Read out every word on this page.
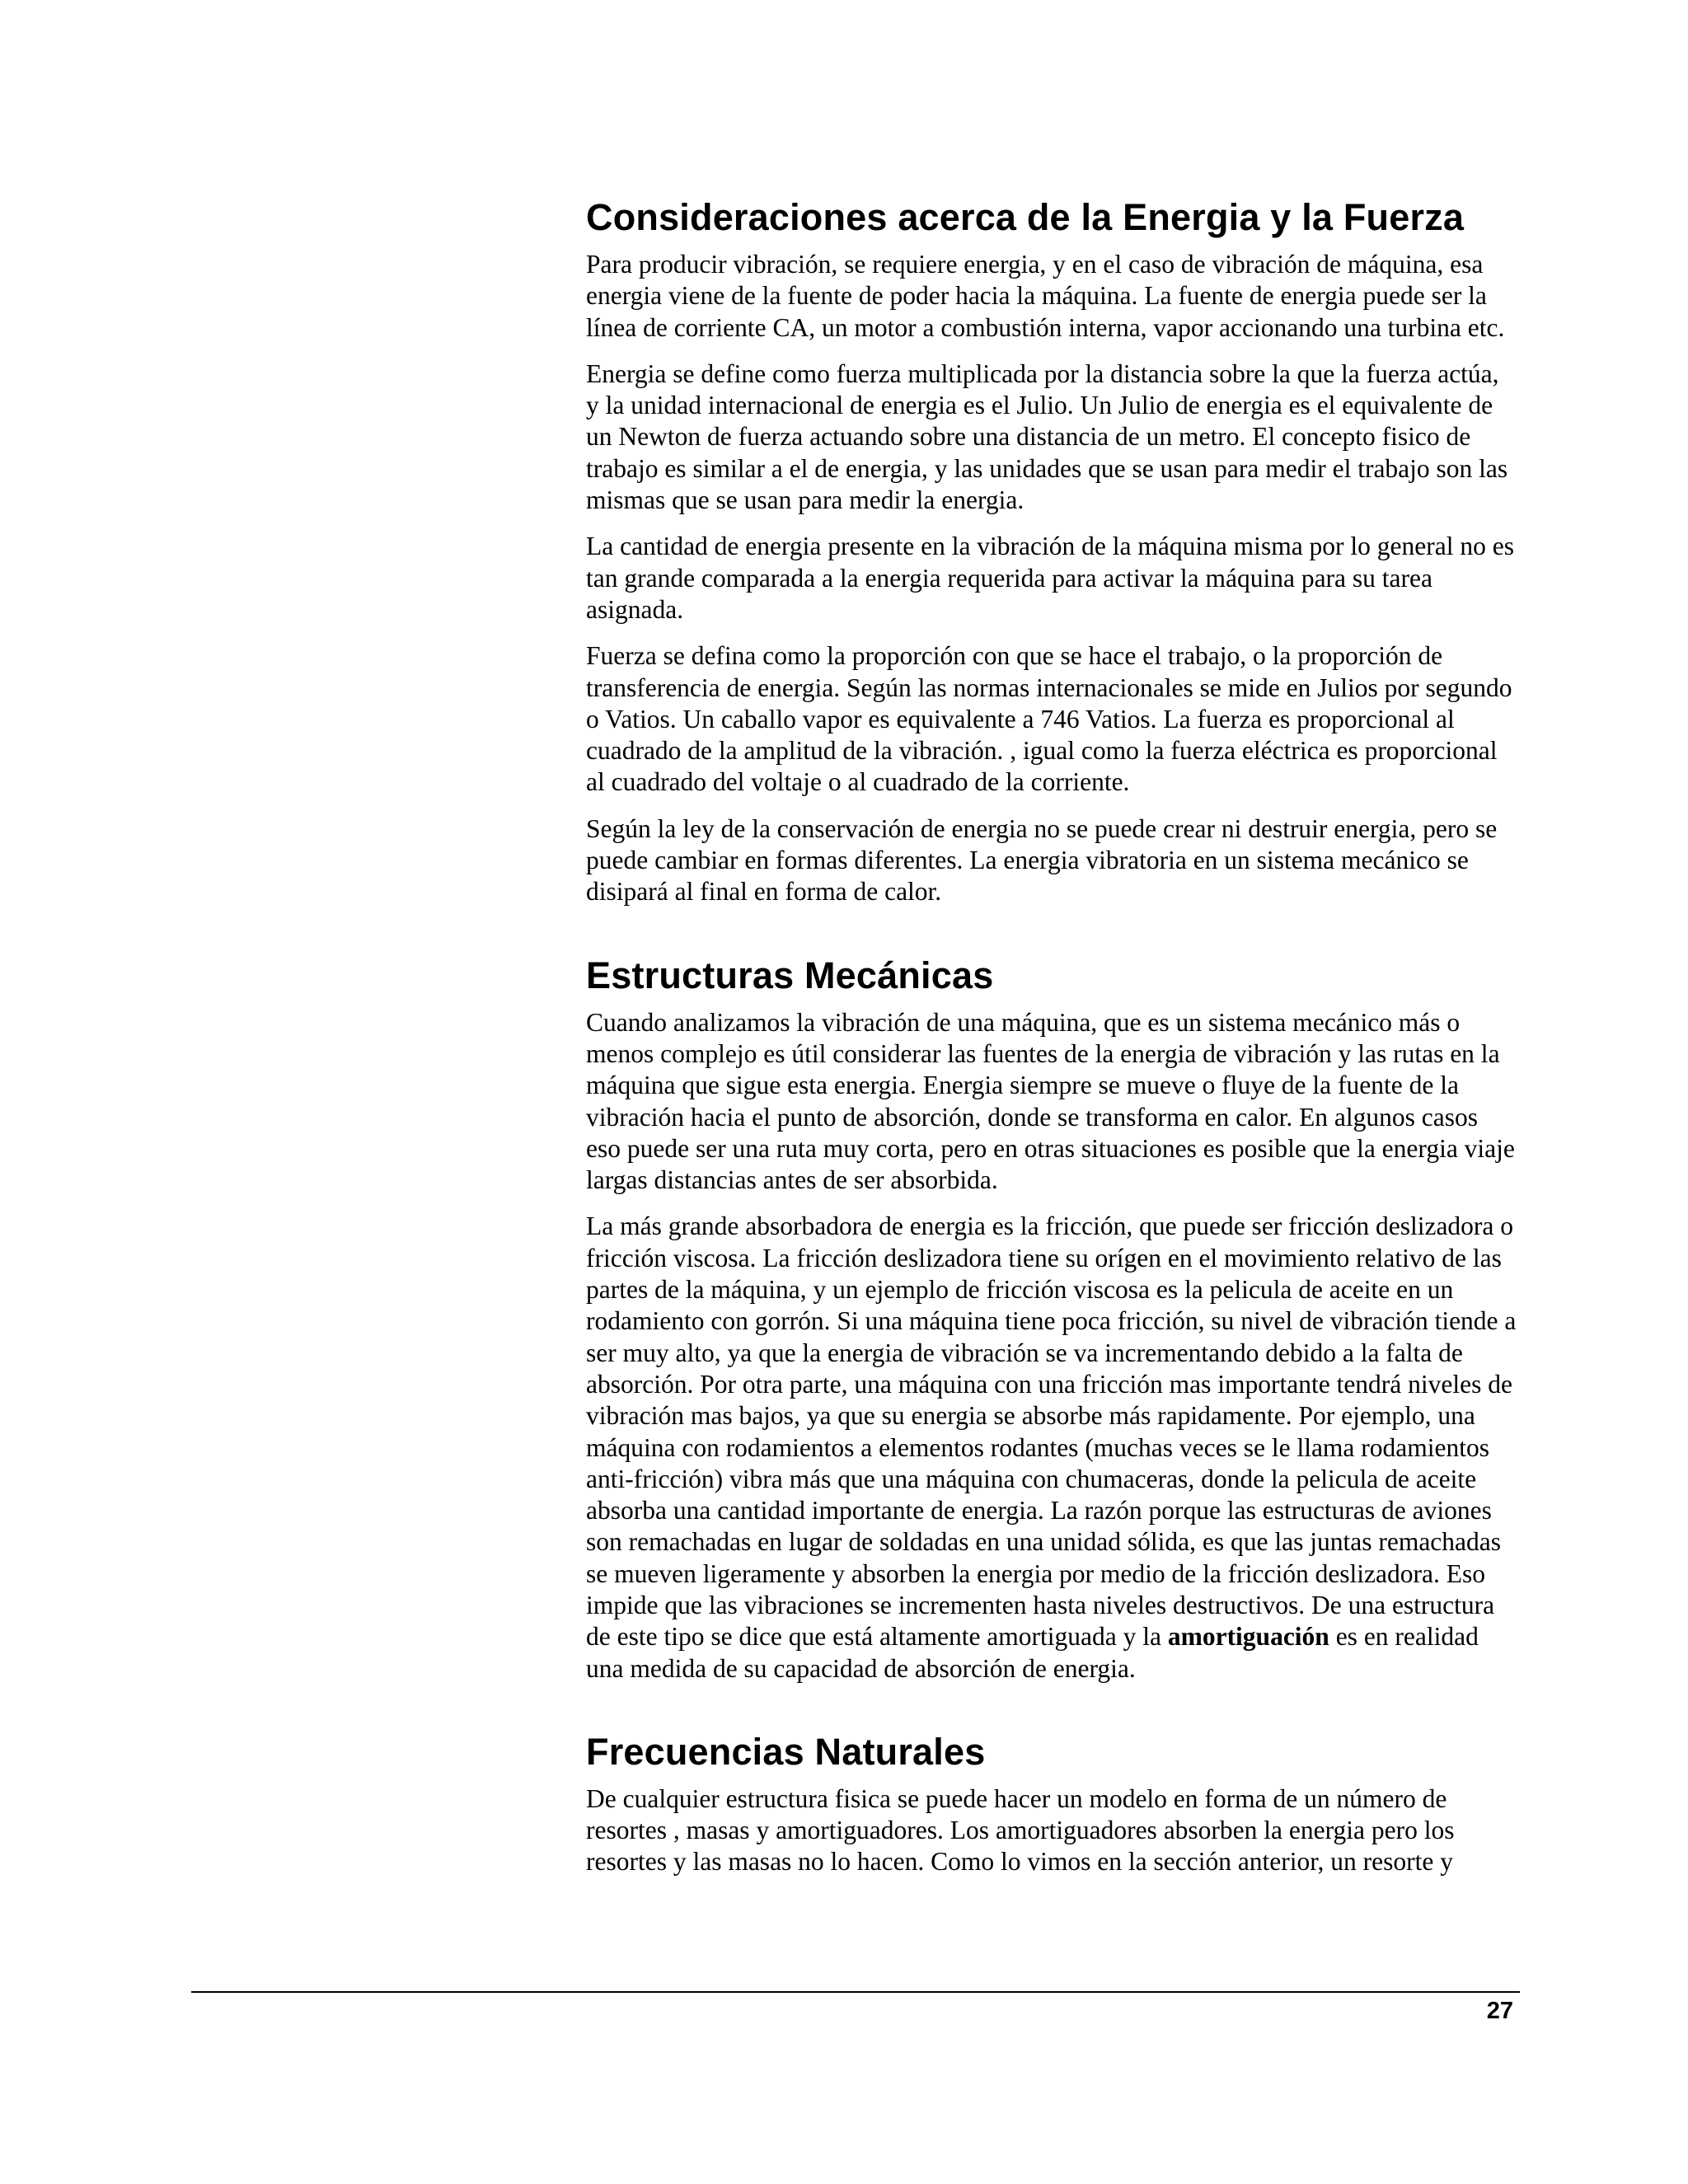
Consideraciones acerca de la Energia y la Fuerza

Para producir vibración, se requiere energia, y en el caso de vibración de máquina, esa energia viene de la fuente de poder hacia la máquina. La fuente de energia puede ser la línea de corriente CA, un motor a combustión interna, vapor accionando una turbina etc.

Energia se define como fuerza multiplicada por la distancia sobre la que la fuerza actúa, y la unidad internacional de energia es el Julio. Un Julio de energia es el equivalente de un Newton de fuerza actuando sobre una distancia de un metro. El concepto fisico de trabajo es similar a el de energia, y las unidades que se usan para medir el trabajo son las mismas que se usan para medir la energia.

La cantidad de energia presente en la vibración de la máquina misma por lo general no es tan grande comparada a la energia requerida para activar la máquina para su tarea asignada.

Fuerza se defina como la proporción con que se hace el trabajo, o la proporción de transferencia de energia. Según las normas internacionales se mide en Julios por segundo o Vatios. Un caballo vapor es equivalente a 746 Vatios. La fuerza es proporcional al cuadrado de la amplitud de la vibración. , igual como la fuerza eléctrica es proporcional al cuadrado del voltaje o al cuadrado de la corriente.

Según la ley de la conservación de energia no se puede crear ni destruir energia, pero se puede cambiar en formas diferentes. La energia vibratoria en un sistema mecánico se disipará al final en forma de calor.

Estructuras Mecánicas

Cuando analizamos la vibración de una máquina, que es un sistema mecánico más o menos complejo es útil considerar las fuentes de la energia de vibración y las rutas en la máquina que sigue esta energia. Energia siempre se mueve o fluye de la fuente de la vibración hacia el punto de absorción, donde se transforma en calor. En algunos casos eso puede ser una ruta muy corta, pero en otras situaciones es posible que la energia viaje largas distancias antes de ser absorbida.

La más grande absorbadora de energia es la fricción, que puede ser fricción deslizadora o fricción viscosa. La fricción deslizadora tiene su orígen en el movimiento relativo de las partes de la máquina, y un ejemplo de fricción viscosa es la pelicula de aceite en un rodamiento con gorrón. Si una máquina tiene poca fricción, su nivel de vibración tiende a ser muy alto, ya que la energia de vibración se va incrementando debido a la falta de absorción. Por otra parte, una máquina con una fricción mas importante tendrá niveles de vibración mas bajos, ya que su energia se absorbe más rapidamente. Por ejemplo, una máquina con rodamientos a elementos rodantes (muchas veces se le llama rodamientos anti-fricción) vibra más que una máquina con chumaceras, donde la pelicula de aceite absorba una cantidad importante de energia. La razón porque las estructuras de aviones son remachadas en lugar de soldadas en una unidad sólida, es que las juntas remachadas se mueven ligeramente y absorben la energia por medio de la fricción deslizadora. Eso impide que las vibraciones se incrementen hasta niveles destructivos. De una estructura de este tipo se dice que está altamente amortiguada y la amortiguación es en realidad una medida de su capacidad de absorción de energia.

Frecuencias Naturales

De cualquier estructura fisica se puede hacer un modelo en forma de un número de resortes , masas y amortiguadores. Los amortiguadores absorben la energia pero los resortes y las masas no lo hacen. Como lo vimos en la sección anterior, un resorte y

27
